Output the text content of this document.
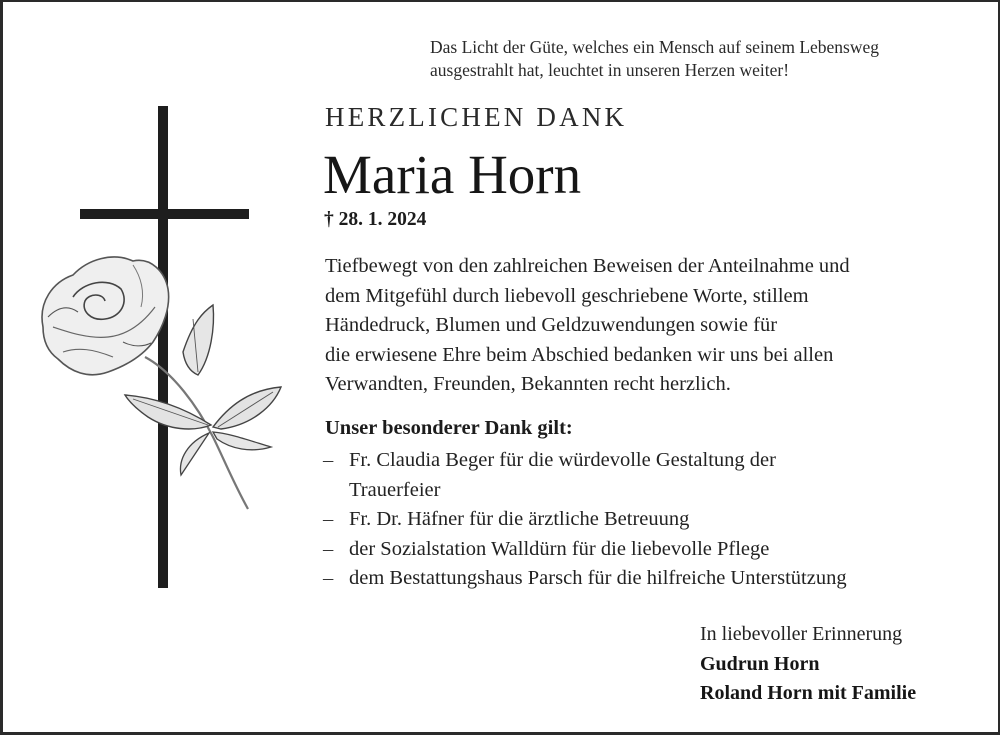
Das Licht der Güte, welches ein Mensch auf seinem Lebensweg
ausgestrahlt hat, leuchtet in unseren Herzen weiter!
HERZLICHEN DANK
Maria Horn
† 28. 1. 2024
Tiefbewegt von den zahlreichen Beweisen der Anteilnahme und
dem Mitgefühl durch liebevoll geschriebene Worte, stillem
Händedruck, Blumen und Geldzuwendungen sowie für
die erwiesene Ehre beim Abschied bedanken wir uns bei allen
Verwandten, Freunden, Bekannten recht herzlich.
Unser besonderer Dank gilt:
– Fr. Claudia Beger für die würdevolle Gestaltung der
Trauerfeier
– Fr. Dr. Häfner für die ärztliche Betreuung
– der Sozialstation Walldürn für die liebevolle Pflege
– dem Bestattungshaus Parsch für die hilfreiche Unterstützung
In liebevoller Erinnerung
Gudrun Horn
Roland Horn mit Familie
